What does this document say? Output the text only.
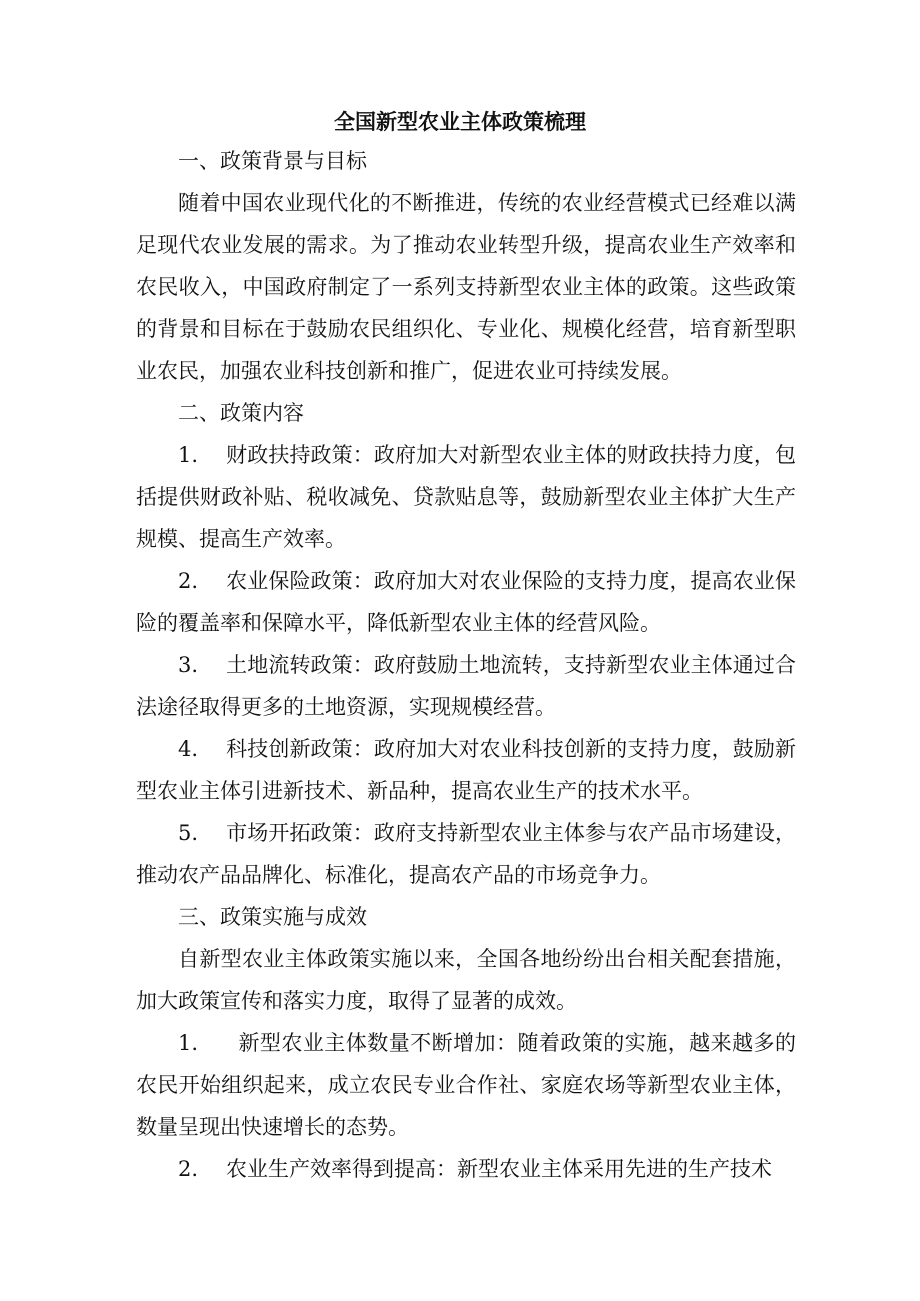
全国新型农业主体政策梳理

一、政策背景与目标

随着中国农业现代化的不断推进，传统的农业经营模式已经难以满足现代农业发展的需求。为了推动农业转型升级，提高农业生产效率和农民收入，中国政府制定了一系列支持新型农业主体的政策。这些政策的背景和目标在于鼓励农民组织化、专业化、规模化经营，培育新型职业农民，加强农业科技创新和推广，促进农业可持续发展。

二、政策内容

1. 财政扶持政策：政府加大对新型农业主体的财政扶持力度，包括提供财政补贴、税收减免、贷款贴息等，鼓励新型农业主体扩大生产规模、提高生产效率。

2. 农业保险政策：政府加大对农业保险的支持力度，提高农业保险的覆盖率和保障水平，降低新型农业主体的经营风险。

3. 土地流转政策：政府鼓励土地流转，支持新型农业主体通过合法途径取得更多的土地资源，实现规模经营。

4. 科技创新政策：政府加大对农业科技创新的支持力度，鼓励新型农业主体引进新技术、新品种，提高农业生产的技术水平。

5. 市场开拓政策：政府支持新型农业主体参与农产品市场建设，推动农产品品牌化、标准化，提高农产品的市场竞争力。

三、政策实施与成效

自新型农业主体政策实施以来，全国各地纷纷出台相关配套措施，加大政策宣传和落实力度，取得了显著的成效。

1. 新型农业主体数量不断增加：随着政策的实施，越来越多的农民开始组织起来，成立农民专业合作社、家庭农场等新型农业主体，数量呈现出快速增长的态势。

2. 农业生产效率得到提高：新型农业主体采用先进的生产技术
